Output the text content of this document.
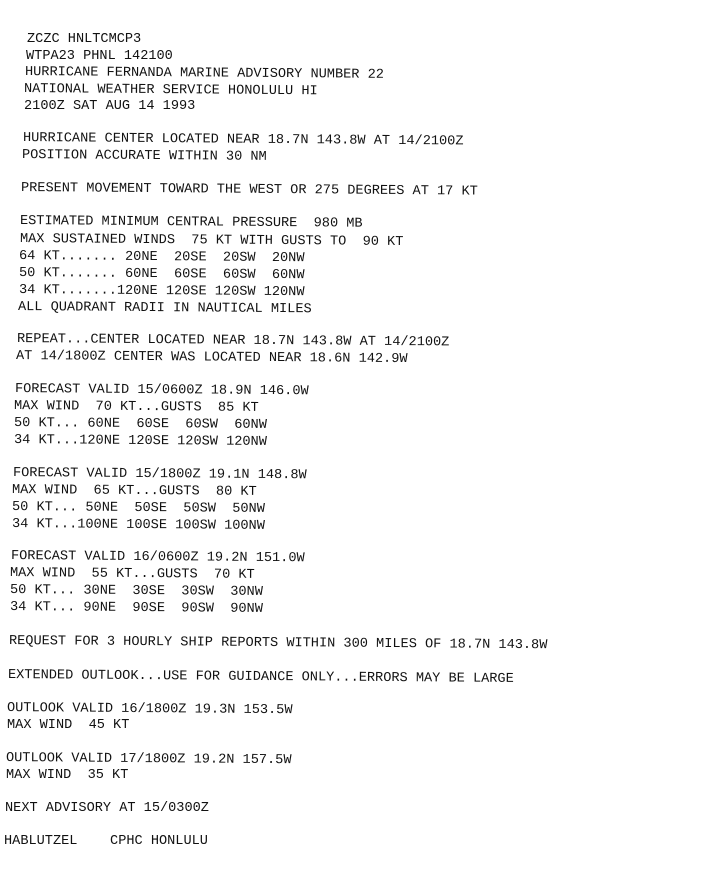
ZCZC HNLTCMCP3
WTPA23 PHNL 142100
HURRICANE FERNANDA MARINE ADVISORY NUMBER 22
NATIONAL WEATHER SERVICE HONOLULU HI
2100Z SAT AUG 14 1993
HURRICANE CENTER LOCATED NEAR 18.7N 143.8W AT 14/2100Z
POSITION ACCURATE WITHIN 30 NM
PRESENT MOVEMENT TOWARD THE WEST OR 275 DEGREES AT 17 KT
ESTIMATED MINIMUM CENTRAL PRESSURE  980 MB
MAX SUSTAINED WINDS  75 KT WITH GUSTS TO  90 KT
64 KT....... 20NE  20SE  20SW  20NW
50 KT....... 60NE  60SE  60SW  60NW
34 KT.......120NE 120SE 120SW 120NW
ALL QUADRANT RADII IN NAUTICAL MILES
REPEAT...CENTER LOCATED NEAR 18.7N 143.8W AT 14/2100Z
AT 14/1800Z CENTER WAS LOCATED NEAR 18.6N 142.9W
FORECAST VALID 15/0600Z 18.9N 146.0W
MAX WIND  70 KT...GUSTS  85 KT
50 KT... 60NE  60SE  60SW  60NW
34 KT...120NE 120SE 120SW 120NW
FORECAST VALID 15/1800Z 19.1N 148.8W
MAX WIND  65 KT...GUSTS  80 KT
50 KT... 50NE  50SE  50SW  50NW
34 KT...100NE 100SE 100SW 100NW
FORECAST VALID 16/0600Z 19.2N 151.0W
MAX WIND  55 KT...GUSTS  70 KT
50 KT... 30NE  30SE  30SW  30NW
34 KT... 90NE  90SE  90SW  90NW
REQUEST FOR 3 HOURLY SHIP REPORTS WITHIN 300 MILES OF 18.7N 143.8W
EXTENDED OUTLOOK...USE FOR GUIDANCE ONLY...ERRORS MAY BE LARGE
OUTLOOK VALID 16/1800Z 19.3N 153.5W
MAX WIND  45 KT
OUTLOOK VALID 17/1800Z 19.2N 157.5W
MAX WIND  35 KT
NEXT ADVISORY AT 15/0300Z
HABLUTZEL    CPHC HONLULU
